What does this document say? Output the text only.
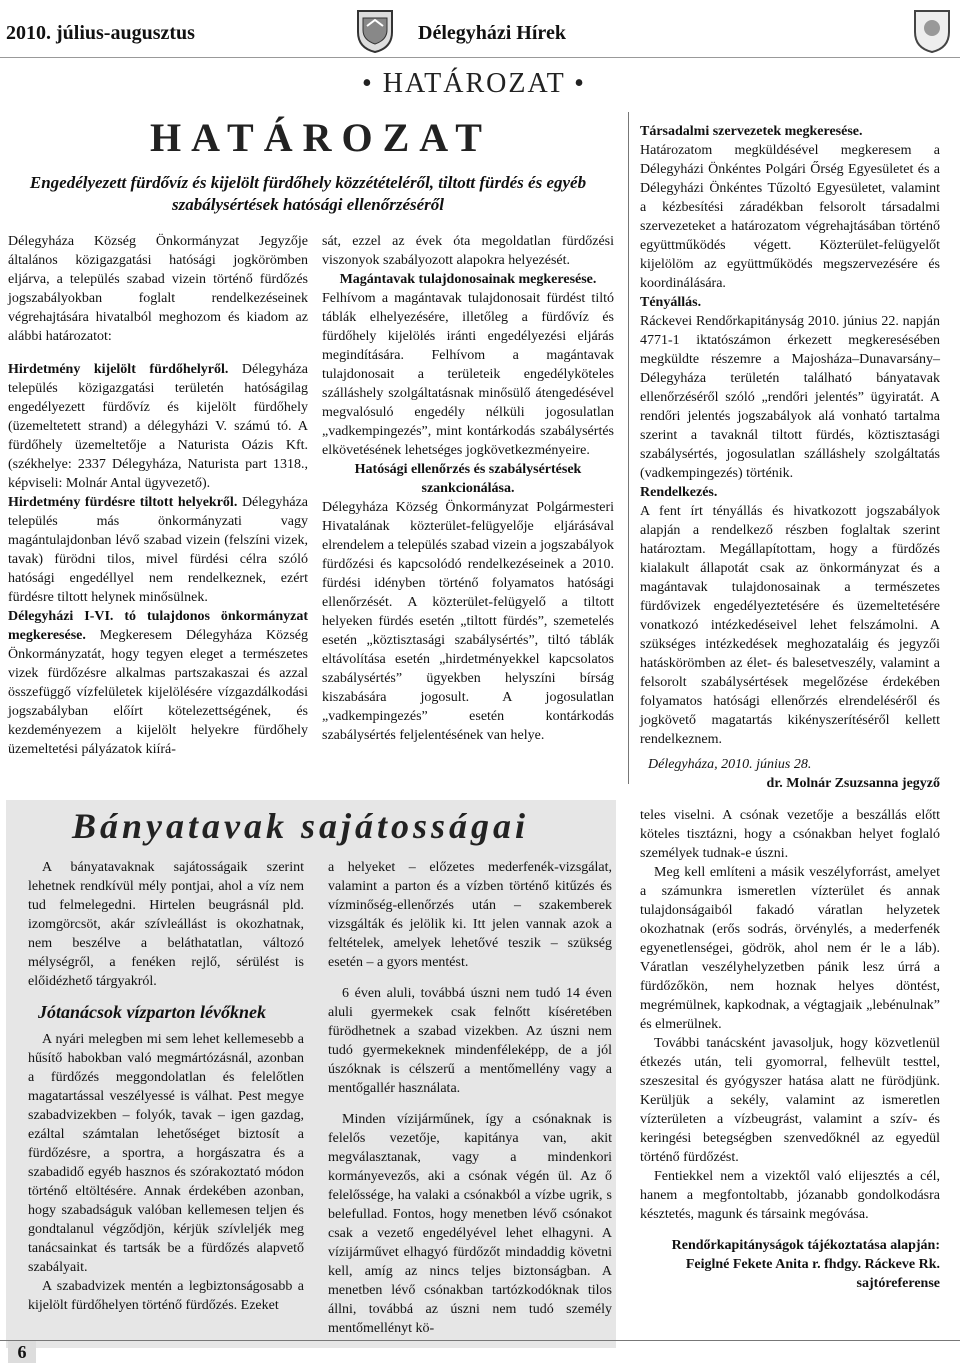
2010. július-augusztus	Délegyházi Hírek
• HATÁROZAT •
HATÁROZAT
Engedélyezett fürdővíz és kijelölt fürdőhely közzétételéről, tiltott fürdés és egyéb szabálysértések hatósági ellenőrzéséről

Délegyháza Község Önkormányzat Jegyzője általános közigazgatási hatósági jogkörömben eljárva, a település szabad vizein történő fürdőzés jogszabályokban foglalt rendelkezéseinek végrehajtására hivatalból meghozom és kiadom az alábbi határozatot:

Hirdetmény kijelölt fürdőhelyről. Délegyháza település közigazgatási területén hatóságilag engedélyezett fürdővíz és kijelölt fürdőhely (üzemeltetett strand) a délegyházi V. számú tó. A fürdőhely üzemeltetője a Naturista Oázis Kft. (székhelye: 2337 Délegyháza, Naturista part 1318., képviseli: Molnár Antal ügyvezető).

Hirdetmény fürdésre tiltott helyekről. Délegyháza település más önkormányzati vagy magántulajdonban lévő szabad vizein (felszíni vizek, tavak) fürödni tilos, mivel fürdési célra szóló hatósági engedéllyel nem rendelkeznek, ezért fürdésre tiltott helynek minősülnek.

Délegyházi I-VI. tó tulajdonos önkormányzat megkeresése. Megkeresem Délegyháza Község Önkormányzatát, hogy tegyen eleget a természetes vizek fürdőzésre alkalmas partszakaszai és azzal összefüggő vízfelületek kijelölésére vízgazdálkodási jogszabályban előírt kötelezettségének, és kezdeményezem a kijelölt helyekre fürdőhely üzemeltetési pályázatok kiírá-

sát, ezzel az évek óta megoldatlan fürdőzési viszonyok szabályozott alapokra helyezését.

Magántavak tulajdonosainak megkeresése.

Felhívom a magántavak tulajdonosait fürdést tiltó táblák elhelyezésére, illetőleg a fürdővíz és fürdőhely kijelölés iránti engedélyezési eljárás megindítására. Felhívom a magántavak tulajdonosait a területeik engedélyköteles szálláshely szolgáltatásnak minősülő átengedésével megvalósuló engedély nélküli jogosulatlan „vadkempingezés”, mint kontárkodás szabálysértés elkövetésének lehetséges jogkövetkezményeire.

Hatósági ellenőrzés és szabálysértések szankcionálása.

Délegyháza Község Önkormányzat Polgármesteri Hivatalának közterület-felügyelője eljárásával elrendelem a település szabad vizein a jogszabályok fürdőzési és kapcsolódó rendelkezéseinek a 2010. fürdési idényben történő folyamatos hatósági ellenőrzését. A közterület-felügyelő a tiltott helyeken fürdés esetén „tiltott fürdés”, szemetelés esetén „köztisztasági szabálysértés”, tiltó táblák eltávolítása esetén „hirdetményekkel kapcsolatos szabálysértés” ügyekben helyszíni bírság kiszabására jogosult. A jogosulatlan „vadkempingezés” esetén kontárkodás szabálysértés feljelentésének van helye.

Társadalmi szervezetek megkeresése.

Határozatom megküldésével megkeresem a Délegyházi Önkéntes Polgári Őrség Egyesületet és a Délegyházi Önkéntes Tűzoltó Egyesületet, valamint a kézbesítési záradékban felsorolt társadalmi szervezeteket a határozatom végrehajtásában történő együttműködés végett. Közterület-felügyelőt kijelölöm az együttműködés megszervezésére és koordinálására.

Tényállás.

Ráckevei Rendőrkapitányság 2010. június 22. napján 4771-1 iktatószámon érkezett megkeresésében megküldte részemre a Majosháza–Dunavarsány–Délegyháza területén található bányatavak ellenőrzéséről szóló „rendőri jelentés” ügyiratát. A rendőri jelentés jogszabályok alá vonható tartalma szerint a tavaknál tiltott fürdés, köztisztasági szabálysértés, jogosulatlan szálláshely szolgáltatás (vadkempingezés) történik.

Rendelkezés.

A fent írt tényállás és hivatkozott jogszabályok alapján a rendelkező részben foglaltak szerint határoztam. Megállapítottam, hogy a fürdőzés kialakult állapotát csak az önkormányzat és a magántavak tulajdonosainak a természetes fürdővizek engedélyeztetésére és üzemeltetésére vonatkozó intézkedéseivel lehet felszámolni. A szükséges intézkedések meghozataláig és jegyzői hatáskörömben az élet- és balesetveszély, valamint a felsorolt szabálysértések megelőzése érdekében folyamatos hatósági ellenőrzés elrendeléséről és jogkövető magatartás kikényszerítéséről kellett rendelkeznem.

Délegyháza, 2010. június 28.

dr. Molnár Zsuzsanna jegyző

Bányatavak sajátosságai

A bányatavaknak sajátosságaik szerint lehetnek rendkívül mély pontjai, ahol a víz nem tud felmelegedni. Hirtelen beugrásnál pld. izomgörcsöt, akár szívleállást is okozhatnak, nem beszélve a beláthatatlan, változó mélységről, a fenéken rejlő, sérülést is előidézhető tárgyakról.

Jótanácsok vízparton lévőknek

A nyári melegben mi sem lehet kellemesebb a hűsítő habokban való megmártózásnál, azonban a fürdőzés meggondolatlan és felelőtlen magatartással veszélyessé is válhat. Pest megye szabadvizekben – folyók, tavak – igen gazdag, ezáltal számtalan lehetőséget biztosít a fürdőzésre, a sportra, a horgászatra és a szabadidő egyéb hasznos és szórakoztató módon történő eltöltésére. Annak érdekében azonban, hogy szabadságuk valóban kellemesen teljen és gondtalanul végződjön, kérjük szívleljék meg tanácsainkat és tartsák be a fürdőzés alapvető szabályait.

A szabadvizek mentén a legbiztonságosabb a kijelölt fürdőhelyen történő fürdőzés. Ezeket

a helyeket – előzetes mederfenék-vizsgálat, valamint a parton és a vízben történő kitűzés és vízminőség-ellenőrzés után – szakemberek vizsgálták és jelölik ki. Itt jelen vannak azok a feltételek, amelyek lehetővé teszik – szükség esetén – a gyors mentést.

6 éven aluli, továbbá úszni nem tudó 14 éven aluli gyermekek csak felnőtt kíséretében fürödhetnek a szabad vizekben. Az úszni nem tudó gyermekeknek mindenféleképp, de a jól úszóknak is célszerű a mentőmellény vagy a mentőgallér használata.

Minden vízijárműnek, így a csónaknak is felelős vezetője, kapitánya van, akit megválasztanak, vagy a mindenkori kormányevezős, aki a csónak végén ül. Az ő felelőssége, ha valaki a csónakból a vízbe ugrik, s belefullad. Fontos, hogy menetben lévő csónakot csak a vezető engedélyével lehet elhagyni. A vízijárművet elhagyó fürdőzőt mindaddig követni kell, amíg az nincs teljes biztonságban. A menetben lévő csónakban tartózkodóknak tilos állni, továbbá az úszni nem tudó személy mentőmellényt kö-

teles viselni. A csónak vezetője a beszállás előtt köteles tisztázni, hogy a csónakban helyet foglaló személyek tudnak-e úszni.

Meg kell említeni a másik veszélyforrást, amelyet a számunkra ismeretlen vízterület és annak tulajdonságaiból fakadó váratlan helyzetek okozhatnak (erős sodrás, örvénylés, a mederfenék egyenetlenségei, gödrök, ahol nem ér le a láb). Váratlan veszélyhelyzetben pánik lesz úrrá a fürdőzőkön, nem hoznak helyes döntést, megrémülnek, kapkodnak, a végtagjaik „lebénulnak” és elmerülnek.

További tanácsként javasoljuk, hogy közvetlenül étkezés után, teli gyomorral, felhevült testtel, szeszesital és gyógyszer hatása alatt ne fürödjünk. Kerüljük a sekély, valamint az ismeretlen vízterületen a vízbeugrást, valamint a szív- és keringési betegségben szenvedőknél az egyedül történő fürdőzést.

Fentiekkel nem a vizektől való elijesztés a cél, hanem a megfontoltabb, józanabb gondolkodásra késztetés, magunk és társaink megóvása.

Rendőrkapitányságok tájékoztatása alapján: Feiglné Fekete Anita r. fhdgy. Ráckeve Rk. sajtóreferense

6
